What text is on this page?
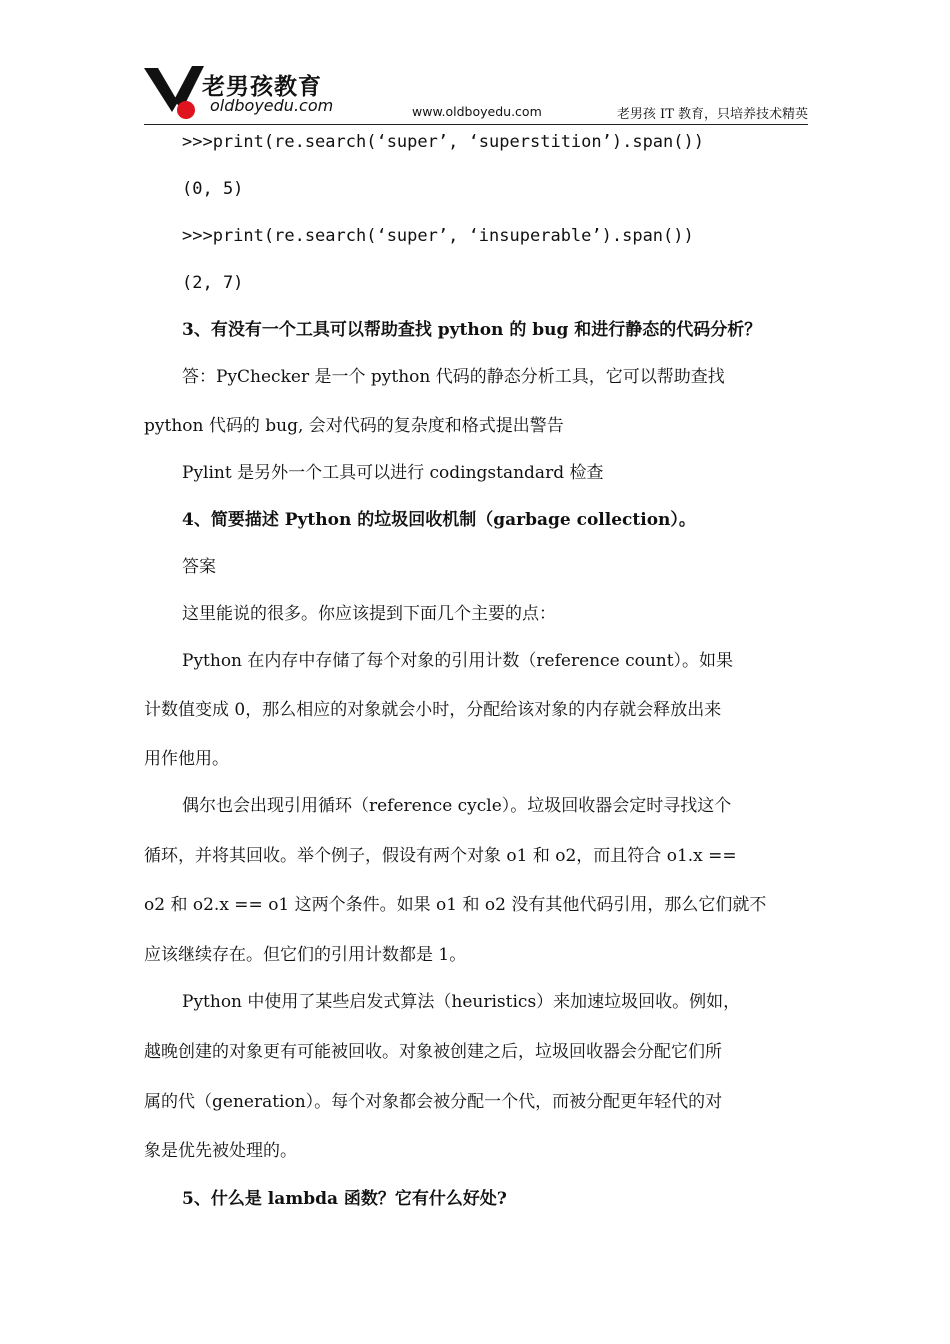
老男孩教育
oldboyedu.com	www.oldboyedu.com	老男孩 IT 教育，只培养技术精英
>>>print(re.search(‘super’, ‘superstition’).span())
(0, 5)
>>>print(re.search(‘super’, ‘insuperable’).span())
(2, 7)
3、有没有一个工具可以帮助查找 python 的 bug 和进行静态的代码分析？
答：PyChecker 是一个 python 代码的静态分析工具，它可以帮助查找
python 代码的 bug, 会对代码的复杂度和格式提出警告
Pylint 是另外一个工具可以进行 codingstandard 检查
4、简要描述 Python 的垃圾回收机制（garbage collection）。
答案
这里能说的很多。你应该提到下面几个主要的点：
Python 在内存中存储了每个对象的引用计数（reference count）。如果
计数值变成 0，那么相应的对象就会小时，分配给该对象的内存就会释放出来
用作他用。
偶尔也会出现引用循环（reference cycle）。垃圾回收器会定时寻找这个
循环，并将其回收。举个例子，假设有两个对象 o1 和 o2，而且符合 o1.x ==
o2 和 o2.x == o1 这两个条件。如果 o1 和 o2 没有其他代码引用，那么它们就不
应该继续存在。但它们的引用计数都是 1。
Python 中使用了某些启发式算法（heuristics）来加速垃圾回收。例如，
越晚创建的对象更有可能被回收。对象被创建之后，垃圾回收器会分配它们所
属的代（generation）。每个对象都会被分配一个代，而被分配更年轻代的对
象是优先被处理的。
5、什么是 lambda 函数？它有什么好处?
